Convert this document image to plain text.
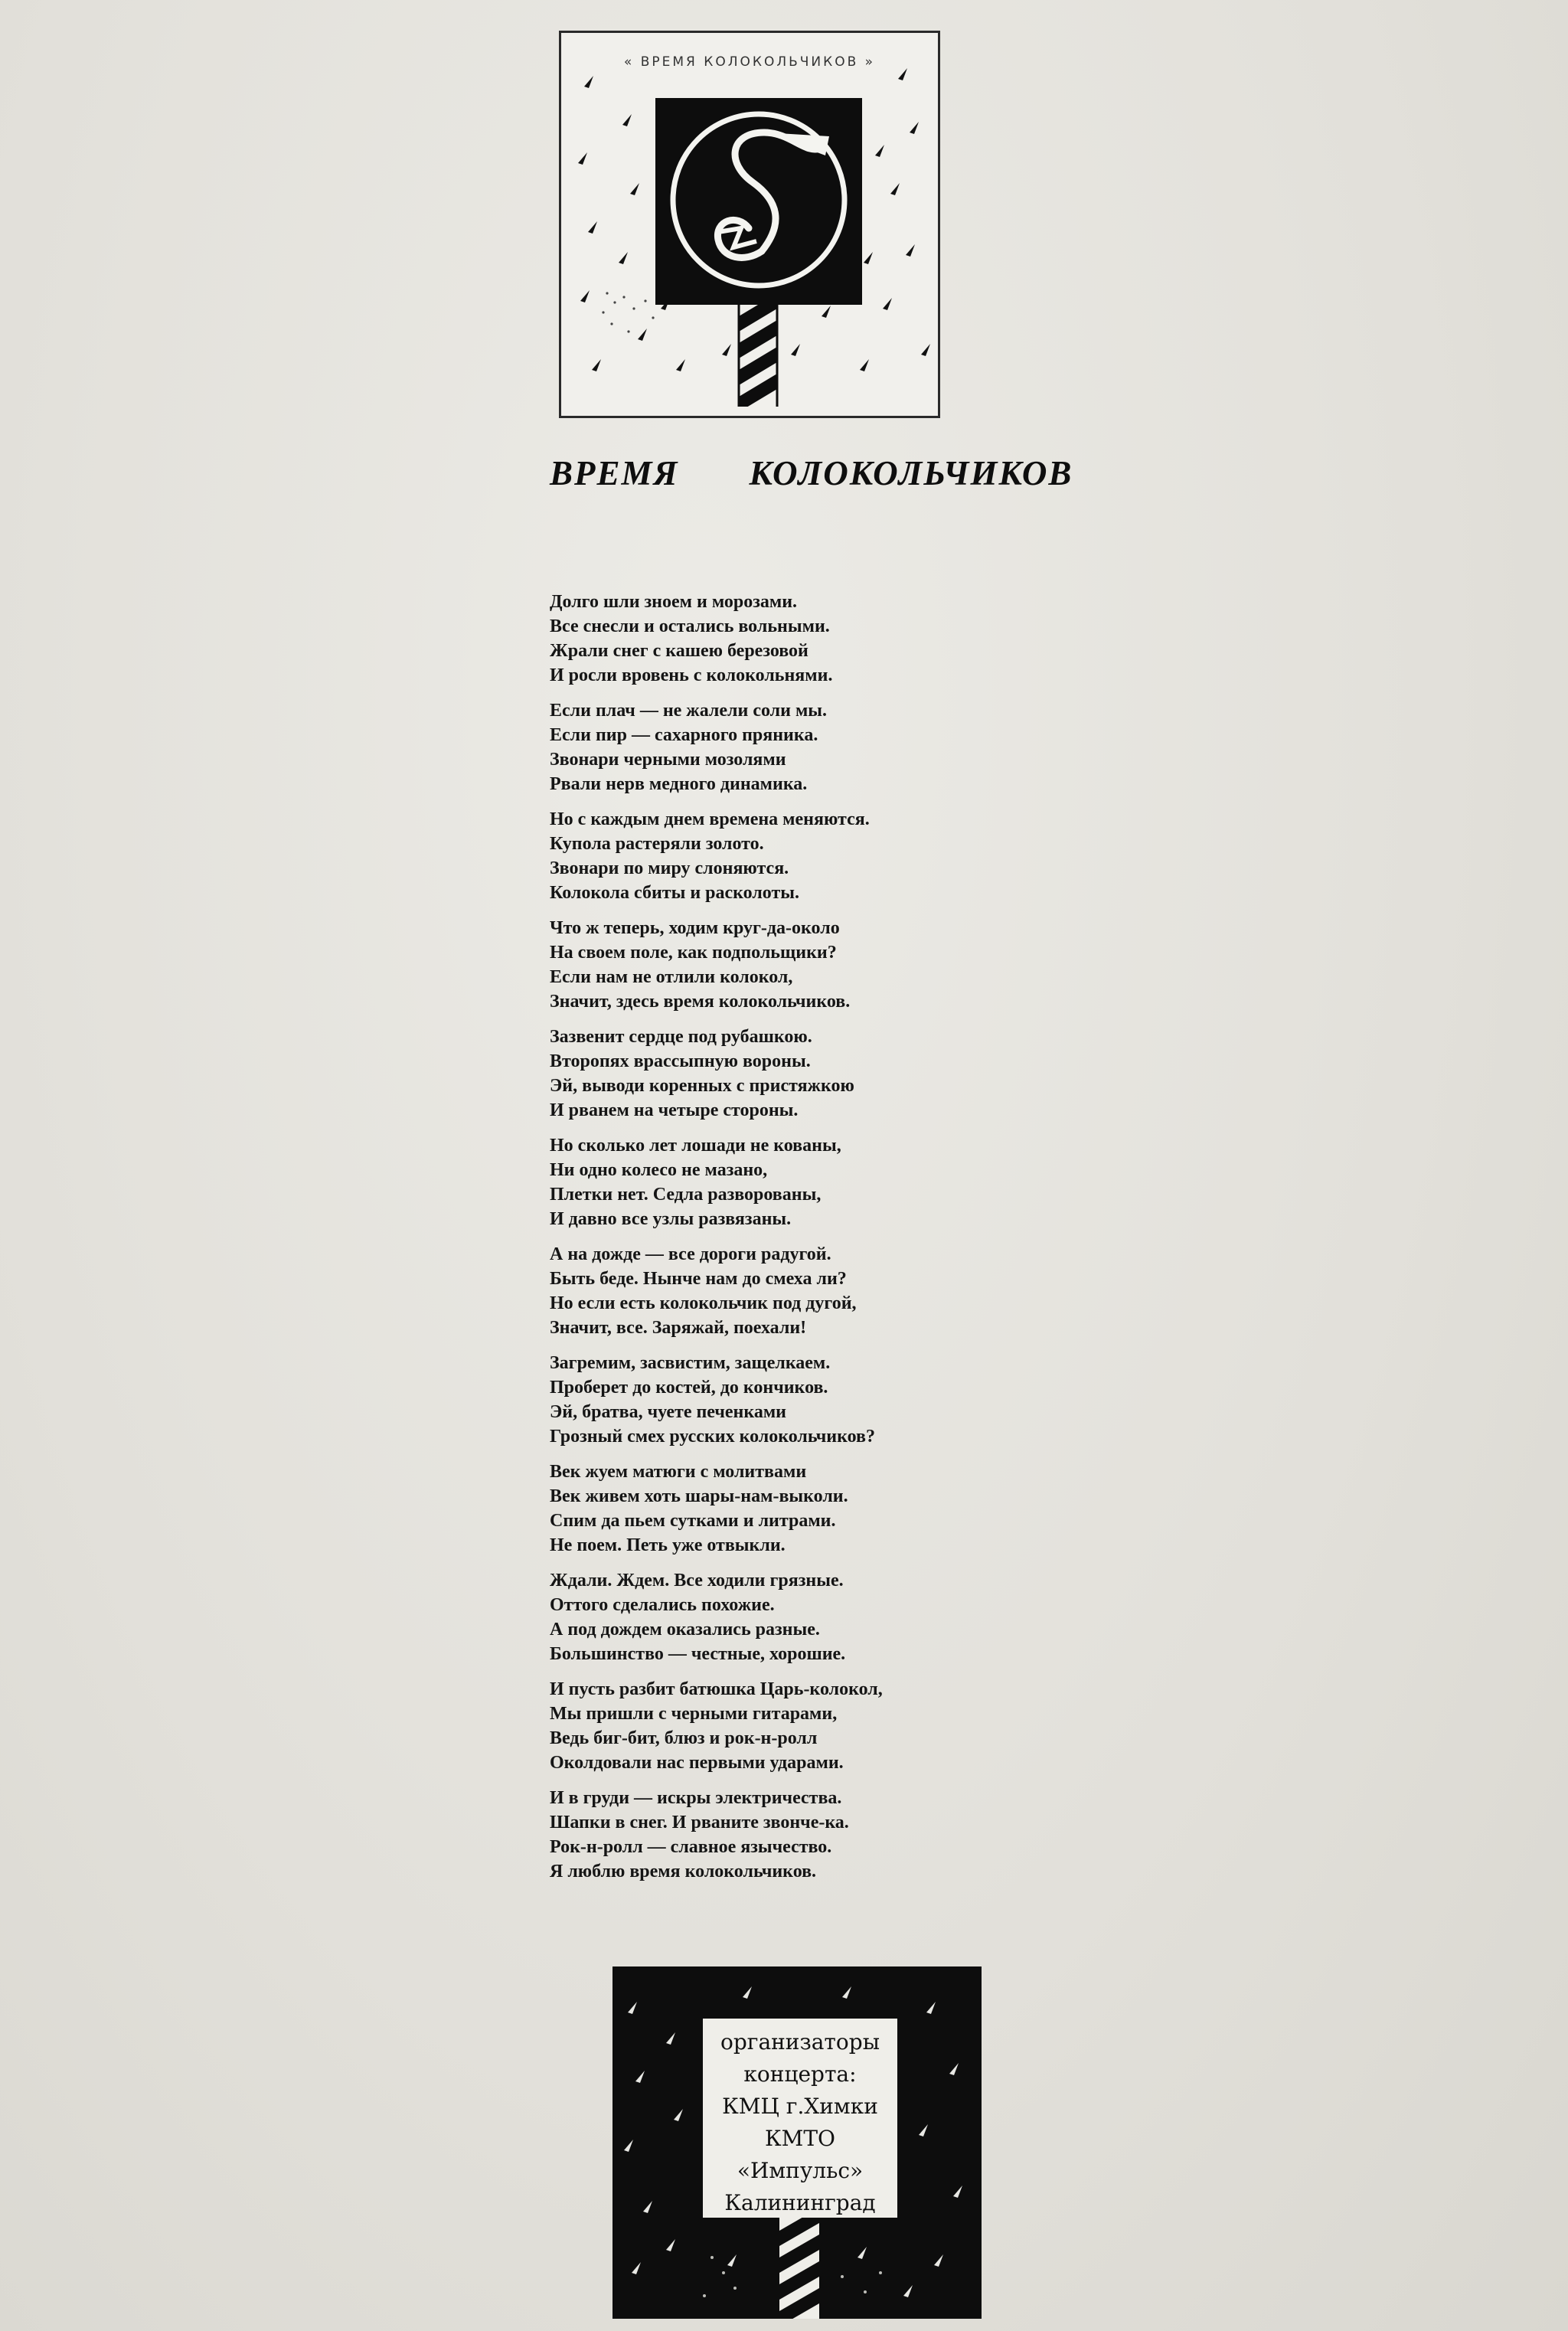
« ВРЕМЯ КОЛОКОЛЬЧИКОВ »
ВРЕМЯ КОЛОКОЛЬЧИКОВ
Долго шли зноем и морозами.
Все снесли и остались вольными.
Жрали снег с кашею березовой
И росли вровень с колокольнями.
Если плач — не жалели соли мы.
Если пир — сахарного пряника.
Звонари черными мозолями
Рвали нерв медного динамика.
Но с каждым днем времена меняются.
Купола растеряли золото.
Звонари по миру слоняются.
Колокола сбиты и расколоты.
Что ж теперь, ходим круг-да-около
На своем поле, как подпольщики?
Если нам не отлили колокол,
Значит, здесь время колокольчиков.
Зазвенит сердце под рубашкою.
Второпях врассыпную вороны.
Эй, выводи коренных с пристяжкою
И рванем на четыре стороны.
Но сколько лет лошади не кованы,
Ни одно колесо не мазано,
Плетки нет. Седла разворованы,
И давно все узлы развязаны.
А на дожде — все дороги радугой.
Быть беде. Нынче нам до смеха ли?
Но если есть колокольчик под дугой,
Значит, все. Заряжай, поехали!
Загремим, засвистим, защелкаем.
Проберет до костей, до кончиков.
Эй, братва, чуете печенками
Грозный смех русских колокольчиков?
Век жуем матюги с молитвами
Век живем хоть шары-нам-выколи.
Спим да пьем сутками и литрами.
Не поем. Петь уже отвыкли.
Ждали. Ждем. Все ходили грязные.
Оттого сделались похожие.
А под дождем оказались разные.
Большинство — честные, хорошие.
И пусть разбит батюшка Царь-колокол,
Мы пришли с черными гитарами,
Ведь биг-бит, блюз и рок-н-ролл
Околдовали нас первыми ударами.
И в груди — искры электричества.
Шапки в снег. И рваните звонче-ка.
Рок-н-ролл — славное язычество.
Я люблю время колокольчиков.
организаторы
концерта:
КМЦ г.Химки
КМТО
«Импульс»
Калининград
